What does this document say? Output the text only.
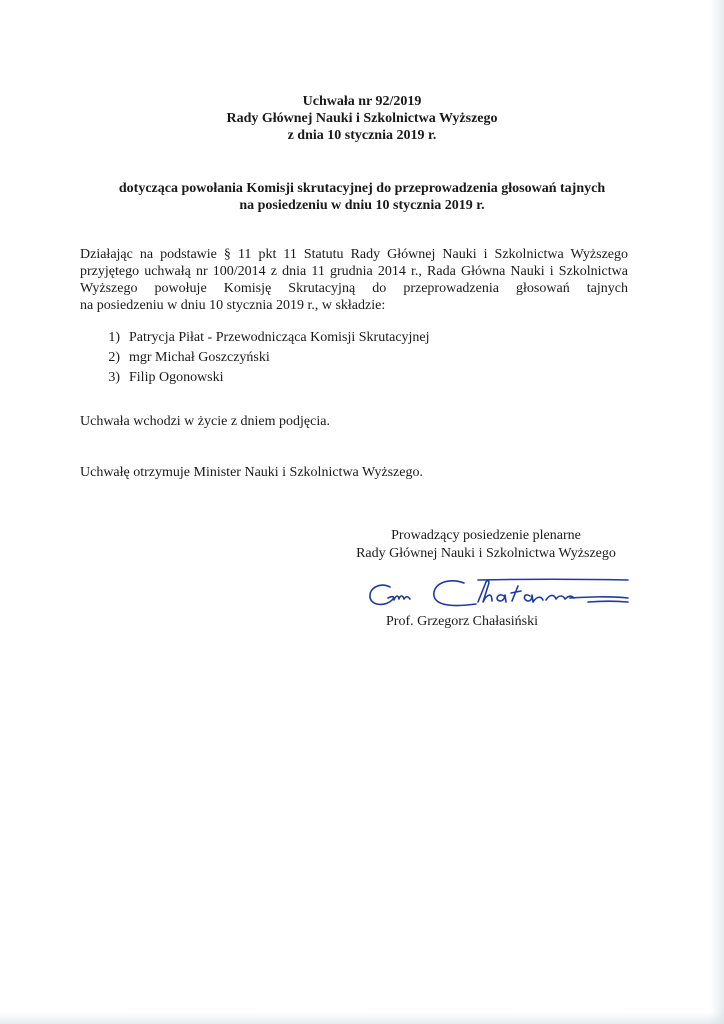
Uchwała nr 92/2019
Rady Głównej Nauki i Szkolnictwa Wyższego
z dnia 10 stycznia 2019 r.
dotycząca powołania Komisji skrutacyjnej do przeprowadzenia głosowań tajnych
na posiedzeniu w dniu 10 stycznia 2019 r.
Działając na podstawie § 11 pkt 11 Statutu Rady Głównej Nauki i Szkolnictwa Wyższego
przyjętego uchwałą nr 100/2014 z dnia 11 grudnia 2014 r., Rada Główna Nauki i Szkolnictwa
Wyższego powołuje Komisję Skrutacyjną do przeprowadzenia głosowań tajnych
na posiedzeniu w dniu 10 stycznia 2019 r., w składzie:
1) Patrycja Piłat - Przewodnicząca Komisji Skrutacyjnej
2) mgr Michał Goszczyński
3) Filip Ogonowski
Uchwała wchodzi w życie z dniem podjęcia.
Uchwałę otrzymuje Minister Nauki i Szkolnictwa Wyższego.
Prowadzący posiedzenie plenarne
Rady Głównej Nauki i Szkolnictwa Wyższego
Prof. Grzegorz Chałasiński
